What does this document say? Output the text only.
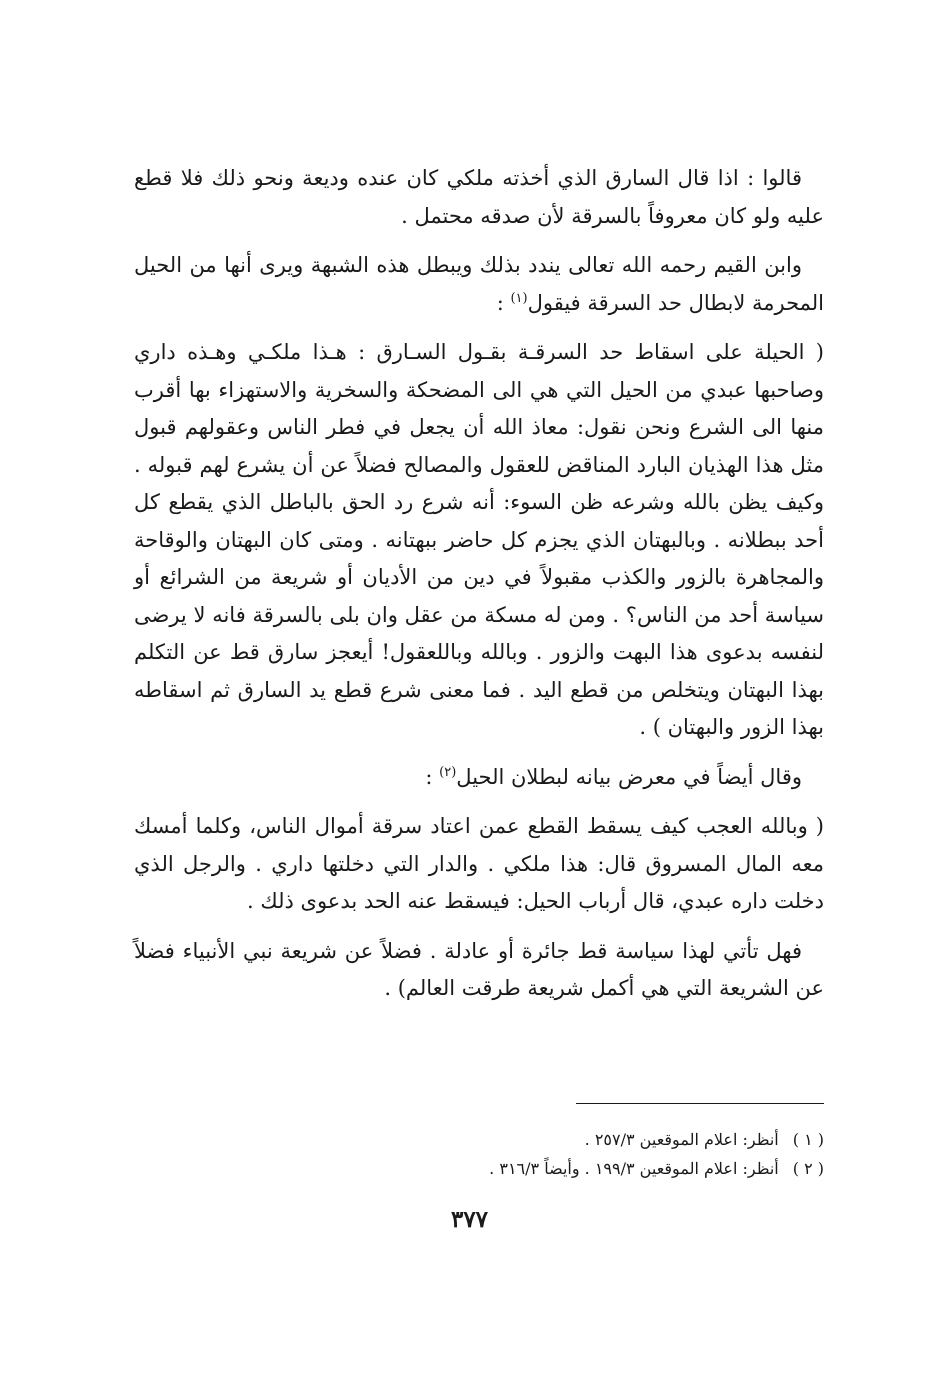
قالوا : اذا قال السارق الذي أخذته ملكي كان عنده وديعة ونحو ذلك فلا قطع عليه ولو كان معروفاً بالسرقة لأن صدقه محتمل .

وابن القيم رحمه الله تعالى يندد بذلك ويبطل هذه الشبهة ويرى أنها من الحيل المحرمة لابطال حد السرقة فيقول$^{(١)}$ :

( الحيلة على اسقاط حد السرقـة بقـول السـارق : هـذا ملكـي وهـذه داري وصاحبها عبدي من الحيل التي هي الى المضحكة والسخرية والاستهزاء بها أقرب منها الى الشرع ونحن نقول: معاذ الله أن يجعل في فطر الناس وعقولهم قبول مثل هذا الهذيان البارد المناقض للعقول والمصالح فضلاً عن أن يشرع لهم قبوله . وكيف يظن بالله وشرعه ظن السوء: أنه شرع رد الحق بالباطل الذي يقطع كل أحد ببطلانه . وبالبهتان الذي يجزم كل حاضر ببهتانه . ومتى كان البهتان والوقاحة والمجاهرة بالزور والكذب مقبولاً في دين من الأديان أو شريعة من الشرائع أو سياسة أحد من الناس؟ . ومن له مسكة من عقل وان بلى بالسرقة فانه لا يرضى لنفسه بدعوى هذا البهت والزور . وبالله وباللعقول! أيعجز سارق قط عن التكلم بهذا البهتان ويتخلص من قطع اليد . فما معنى شرع قطع يد السارق ثم اسقاطه بهذا الزور والبهتان ) .

وقال أيضاً في معرض بيانه لبطلان الحيل$^{(٢)}$ :

( وبالله العجب كيف يسقط القطع عمن اعتاد سرقة أموال الناس، وكلما أمسك معه المال المسروق قال: هذا ملكي . والدار التي دخلتها داري . والرجل الذي دخلت داره عبدي، قال أرباب الحيل: فيسقط عنه الحد بدعوى ذلك .

فهل تأتي لهذا سياسة قط جائرة أو عادلة . فضلاً عن شريعة نبي الأنبياء فضلاً عن الشريعة التي هي أكمل شريعة طرقت العالم) .

( ١ )
أنظر: اعلام الموقعين ٢٥٧/٣ .
( ٢ )
أنظر: اعلام الموقعين ١٩٩/٣ . وأيضاً ٣١٦/٣ .
٣٧٧
